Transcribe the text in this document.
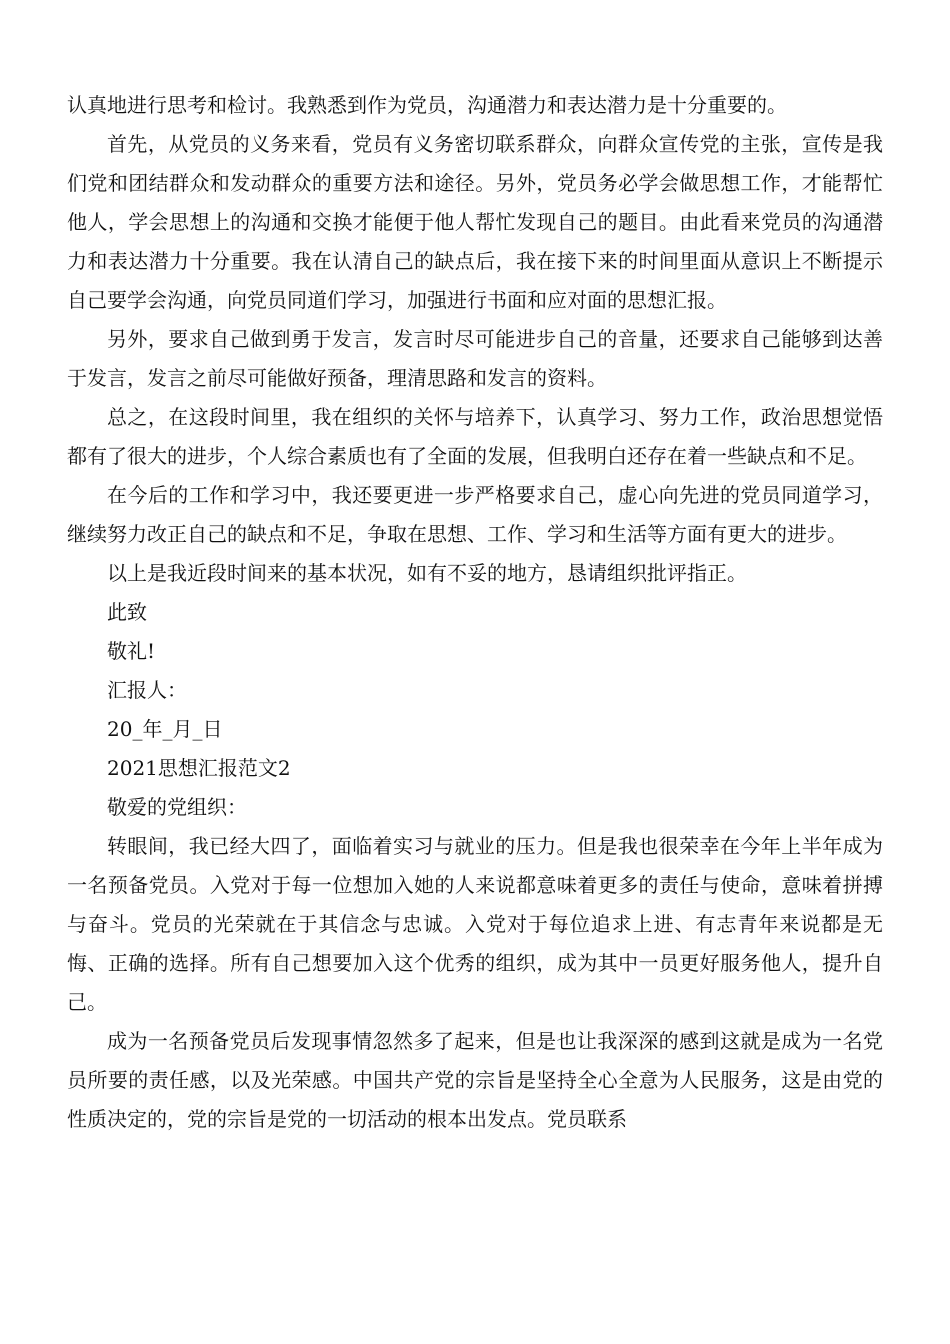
认真地进行思考和检讨。我熟悉到作为党员，沟通潜力和表达潜力是十分重要的。

首先，从党员的义务来看，党员有义务密切联系群众，向群众宣传党的主张，宣传是我们党和团结群众和发动群众的重要方法和途径。另外，党员务必学会做思想工作，才能帮忙他人，学会思想上的沟通和交换才能便于他人帮忙发现自己的题目。由此看来党员的沟通潜力和表达潜力十分重要。我在认清自己的缺点后，我在接下来的时间里面从意识上不断提示自己要学会沟通，向党员同道们学习，加强进行书面和应对面的思想汇报。

另外，要求自己做到勇于发言，发言时尽可能进步自己的音量，还要求自己能够到达善于发言，发言之前尽可能做好预备，理清思路和发言的资料。

总之，在这段时间里，我在组织的关怀与培养下，认真学习、努力工作，政治思想觉悟都有了很大的进步，个人综合素质也有了全面的发展，但我明白还存在着一些缺点和不足。

在今后的工作和学习中，我还要更进一步严格要求自己，虚心向先进的党员同道学习，继续努力改正自己的缺点和不足，争取在思想、工作、学习和生活等方面有更大的进步。

以上是我近段时间来的基本状况，如有不妥的地方，恳请组织批评指正。

此致

敬礼!

汇报人：

20_年_月_日

2021思想汇报范文2

敬爱的党组织：

转眼间，我已经大四了，面临着实习与就业的压力。但是我也很荣幸在今年上半年成为一名预备党员。入党对于每一位想加入她的人来说都意味着更多的责任与使命，意味着拼搏与奋斗。党员的光荣就在于其信念与忠诚。入党对于每位追求上进、有志青年来说都是无悔、正确的选择。所有自己想要加入这个优秀的组织，成为其中一员更好服务他人，提升自己。

成为一名预备党员后发现事情忽然多了起来，但是也让我深深的感到这就是成为一名党员所要的责任感，以及光荣感。中国共产党的宗旨是坚持全心全意为人民服务，这是由党的性质决定的，党的宗旨是党的一切活动的根本出发点。党员联系
